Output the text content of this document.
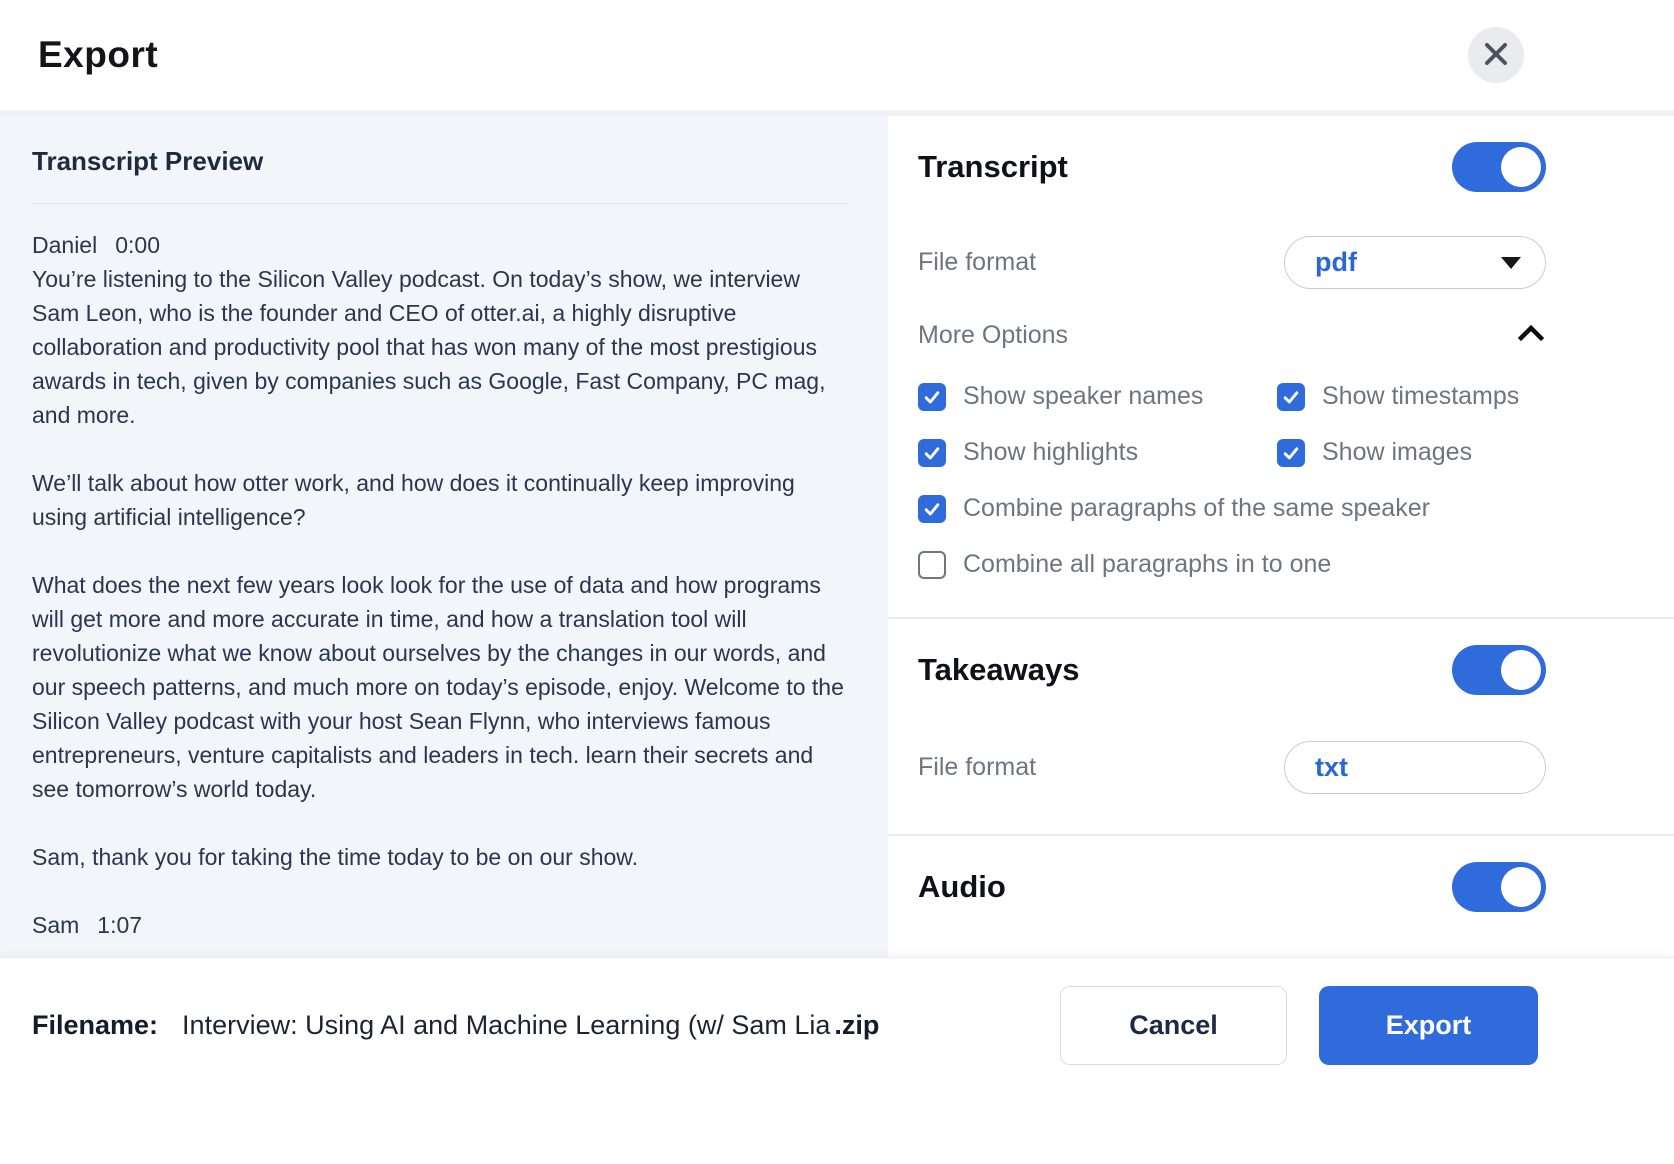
Export
Transcript Preview
Daniel 0:00

You’re listening to the Silicon Valley podcast. On today’s show, we interview Sam Leon, who is the founder and CEO of otter.ai, a highly disruptive collaboration and productivity pool that has won many of the most prestigious awards in tech, given by companies such as Google, Fast Company, PC mag, and more.

We’ll talk about how otter work, and how does it continually keep improving using artificial intelligence?

What does the next few years look look for the use of data and how programs will get more and more accurate in time, and how a translation tool will revolutionize what we know about ourselves by the changes in our words, and our speech patterns, and much more on today’s episode, enjoy. Welcome to the Silicon Valley podcast with your host Sean Flynn, who interviews famous entrepreneurs, venture capitalists and leaders in tech. learn their secrets and see tomorrow’s world today.

Sam, thank you for taking the time today to be on our show.

Sam 1:07
Transcript
File format	pdf
More Options
Show speaker names	Show timestamps
Show highlights	Show images
Combine paragraphs of the same speaker
Combine all paragraphs in to one
Takeaways
File format	txt
Audio
Filename: Interview: Using AI and Machine Learning (w/ Sam Lia .zip	Cancel	Export
